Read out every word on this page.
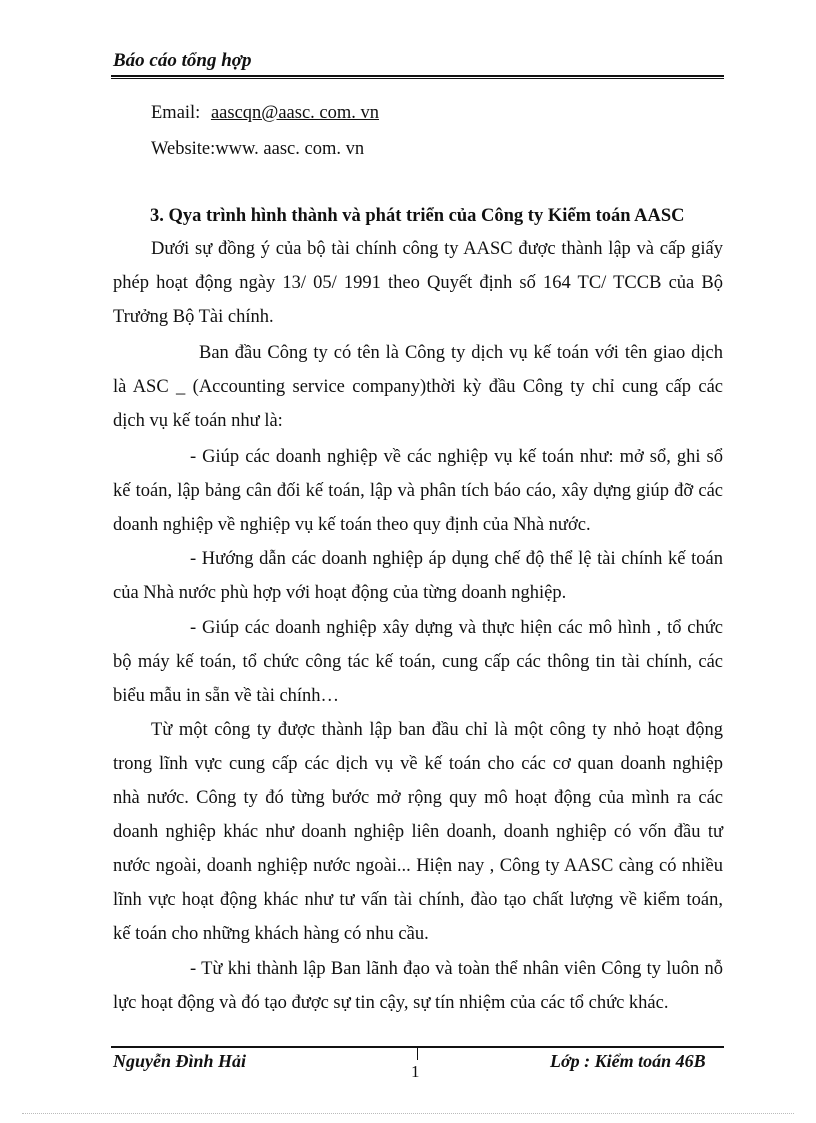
Báo cáo tổng hợp
Email: aascqn@aasc. com. vn
Website:www. aasc. com. vn
3. Qya trình hình thành và phát triển của Công ty Kiểm toán AASC
Dưới sự đồng ý của bộ tài chính công ty AASC được thành lập và cấp giấy
phép hoạt động ngày 13/ 05/ 1991 theo Quyết định số 164 TC/ TCCB của Bộ
Trưởng Bộ Tài chính.
Ban đầu Công ty có tên là Công ty dịch vụ kế toán với tên giao dịch
là ASC _ (Accounting service company)thời kỳ đầu Công ty chỉ cung cấp các
dịch vụ kế toán như là:
- Giúp các doanh nghiệp về các nghiệp vụ kế toán như: mở sổ, ghi sổ
kế toán, lập bảng cân đối kế toán, lập và phân tích báo cáo, xây dựng giúp đỡ các
doanh nghiệp về nghiệp vụ kế toán theo quy định của Nhà nước.
- Hướng dẫn các doanh nghiệp áp dụng chế độ thể lệ tài chính kế toán
của Nhà nước phù hợp với hoạt động của từng doanh nghiệp.
- Giúp các doanh nghiệp xây dựng và thực hiện các mô hình , tổ chức
bộ máy kế toán, tổ chức công tác kế toán, cung cấp các thông tin tài chính, các
biểu mẫu in sẵn về tài chính…
Từ một công ty được thành lập ban đầu chỉ là một công ty nhỏ hoạt động
trong lĩnh vực cung cấp các dịch vụ về kế toán cho các cơ quan doanh nghiệp
nhà nước. Công ty đó từng bước mở rộng quy mô hoạt động của mình ra các
doanh nghiệp khác như doanh nghiệp liên doanh, doanh nghiệp có vốn đầu tư
nước ngoài, doanh nghiệp nước ngoài... Hiện nay , Công ty AASC càng có nhiều
lĩnh vực hoạt động khác như tư vấn tài chính, đào tạo chất lượng về kiểm toán,
kế toán cho những khách hàng có nhu cầu.
- Từ khi thành lập Ban lãnh đạo và toàn thể nhân viên Công ty luôn nỗ
lực hoạt động và đó tạo được sự tin cậy, sự tín nhiệm của các tổ chức khác.
Nguyễn Đình Hải
1
Lớp : Kiểm toán 46B
